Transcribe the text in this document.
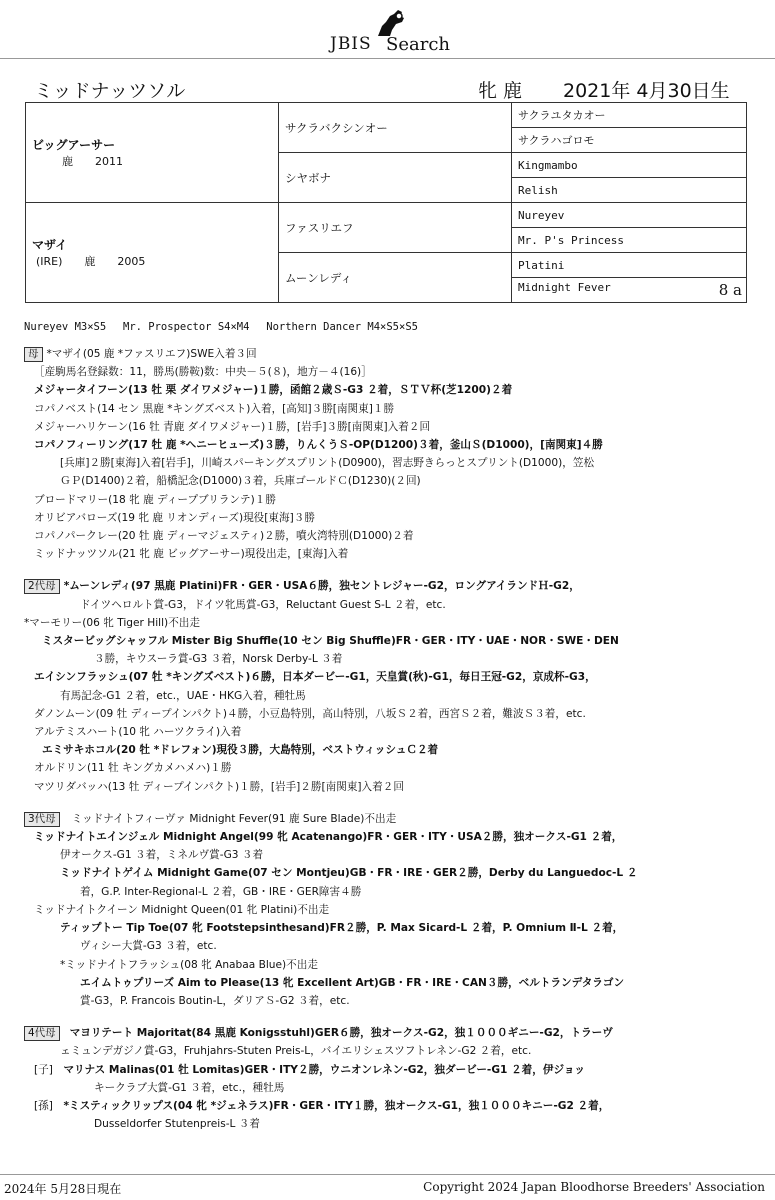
JBIS Search
ミッドナッツソル	牝 鹿 2021年 4月30日生
ビッグアーサー
鹿　　2011	サクラバクシンオー	サクラユタカオー
		サクラハゴロモ
	シヤボナ	Kingmambo
		Relish
マザイ
(IRE)　　鹿　　2005	ファスリエフ	Nureyev
		Mr. P's Princess
	ムーンレディ	Platini
		Midnight Fever 8 a
Nureyev M3×S5　 Mr. Prospector S4×M4　 Northern Dancer M4×S5×S5
母 *マザイ(05 鹿 *ファスリエフ)SWE入着３回
［産駒馬名登録数：11，勝馬(勝鞍)数：中央－５(８)，地方－４(16)］
メジャータイフーン(13 牡 栗 ダイワメジャー)１勝，函館２歳Ｓ-G3 ２着，ＳＴＶ杯(芝1200)２着
コパノベスト(14 セン 黒鹿 *キングズベスト)入着，[高知]３勝[南関東]１勝
メジャーハリケーン(16 牡 青鹿 ダイワメジャー)１勝，[岩手]３勝[南関東]入着２回
コパノフィーリング(17 牡 鹿 *ヘニーヒューズ)３勝，りんくうＳ-OP(D1200)３着，釜山Ｓ(D1000)，[南関東]４勝
[兵庫]２勝[東海]入着[岩手]，川崎スパーキングスプリント(D0900)，習志野きらっとスプリント(D1000)，笠松
ＧＰ(D1400)２着，船橋記念(D1000)３着，兵庫ゴールドＣ(D1230)(２回)
ブロードマリー(18 牝 鹿 ディープブリランテ)１勝
オリビアバローズ(19 牝 鹿 リオンディーズ)現役[東海]３勝
コパノパークレー(20 牡 鹿 ディーマジェスティ)２勝，噴火湾特別(D1000)２着
ミッドナッツソル(21 牝 鹿 ビッグアーサー)現役出走，[東海]入着
2代母 *ムーンレディ(97 黒鹿 Platini)FR・GER・USA６勝，独セントレジャー-G2，ロングアイランドＨ-G2，
ドイツヘロルト賞-G3，ドイツ牝馬賞-G3，Reluctant Guest S-L ２着，etc.
*マーモリー(06 牝 Tiger Hill)不出走
ミスタービッグシャッフル Mister Big Shuffle(10 セン Big Shuffle)FR・GER・ITY・UAE・NOR・SWE・DEN
３勝，キウスーラ賞-G3 ３着，Norsk Derby-L ３着
エイシンフラッシュ(07 牡 *キングズベスト)６勝，日本ダービー-G1，天皇賞(秋)-G1，毎日王冠-G2，京成杯-G3，
有馬記念-G1 ２着，etc.，UAE・HKG入着，種牡馬
ダノンムーン(09 牡 ディープインパクト)４勝，小豆島特別，高山特別，八坂Ｓ２着，西宮Ｓ２着，難波Ｓ３着，etc.
アルテミスハート(10 牝 ハーツクライ)入着
エミサキホコル(20 牡 *ドレフォン)現役３勝，大島特別，ベストウィッシュＣ２着
オルドリン(11 牡 キングカメハメハ)１勝
マツリダバッハ(13 牡 ディープインパクト)１勝，[岩手]２勝[南関東]入着２回
3代母 ミッドナイトフィーヴァ Midnight Fever(91 鹿 Sure Blade)不出走
ミッドナイトエインジェル Midnight Angel(99 牝 Acatenango)FR・GER・ITY・USA２勝，独オークス-G1 ２着，
伊オークス-G1 ３着，ミネルヴ賞-G3 ３着
ミッドナイトゲイム Midnight Game(07 セン Montjeu)GB・FR・IRE・GER２勝，Derby du Languedoc-L ２
着，G.P. Inter-Regional-L ２着，GB・IRE・GER障害４勝
ミッドナイトクイーン Midnight Queen(01 牝 Platini)不出走
ティップトー Tip Toe(07 牝 Footstepsinthesand)FR２勝，P. Max Sicard-L ２着，P. Omnium Ⅱ-L ２着，
ヴィシー大賞-G3 ３着，etc.
*ミッドナイトフラッシュ(08 牝 Anabaa Blue)不出走
エイムトゥプリーズ Aim to Please(13 牝 Excellent Art)GB・FR・IRE・CAN３勝，ベルトランデタラゴン
賞-G3，P. Francois Boutin-L，ダリアＳ-G2 ３着，etc.
4代母 マヨリテート Majoritat(84 黒鹿 Konigsstuhl)GER６勝，独オークス-G2，独１０００ギニー-G2，トラーヴ
ェミュンデガジノ賞-G3，Fruhjahrs-Stuten Preis-L，バイエリシェスツフトレネン-G2 ２着，etc.
[子]　 マリナス Malinas(01 牡 Lomitas)GER・ITY２勝，ウニオンレネン-G2，独ダービー-G1 ２着，伊ジョッ
キークラブ大賞-G1 ３着，etc.，種牡馬
[孫]　 *ミスティックリップス(04 牝 *ジェネラス)FR・GER・ITY１勝，独オークス-G1，独１０００キニー-G2 ２着，
Dusseldorfer Stutenpreis-L ３着
2024年 5月28日現在	Copyright 2024 Japan Bloodhorse Breeders' Association
